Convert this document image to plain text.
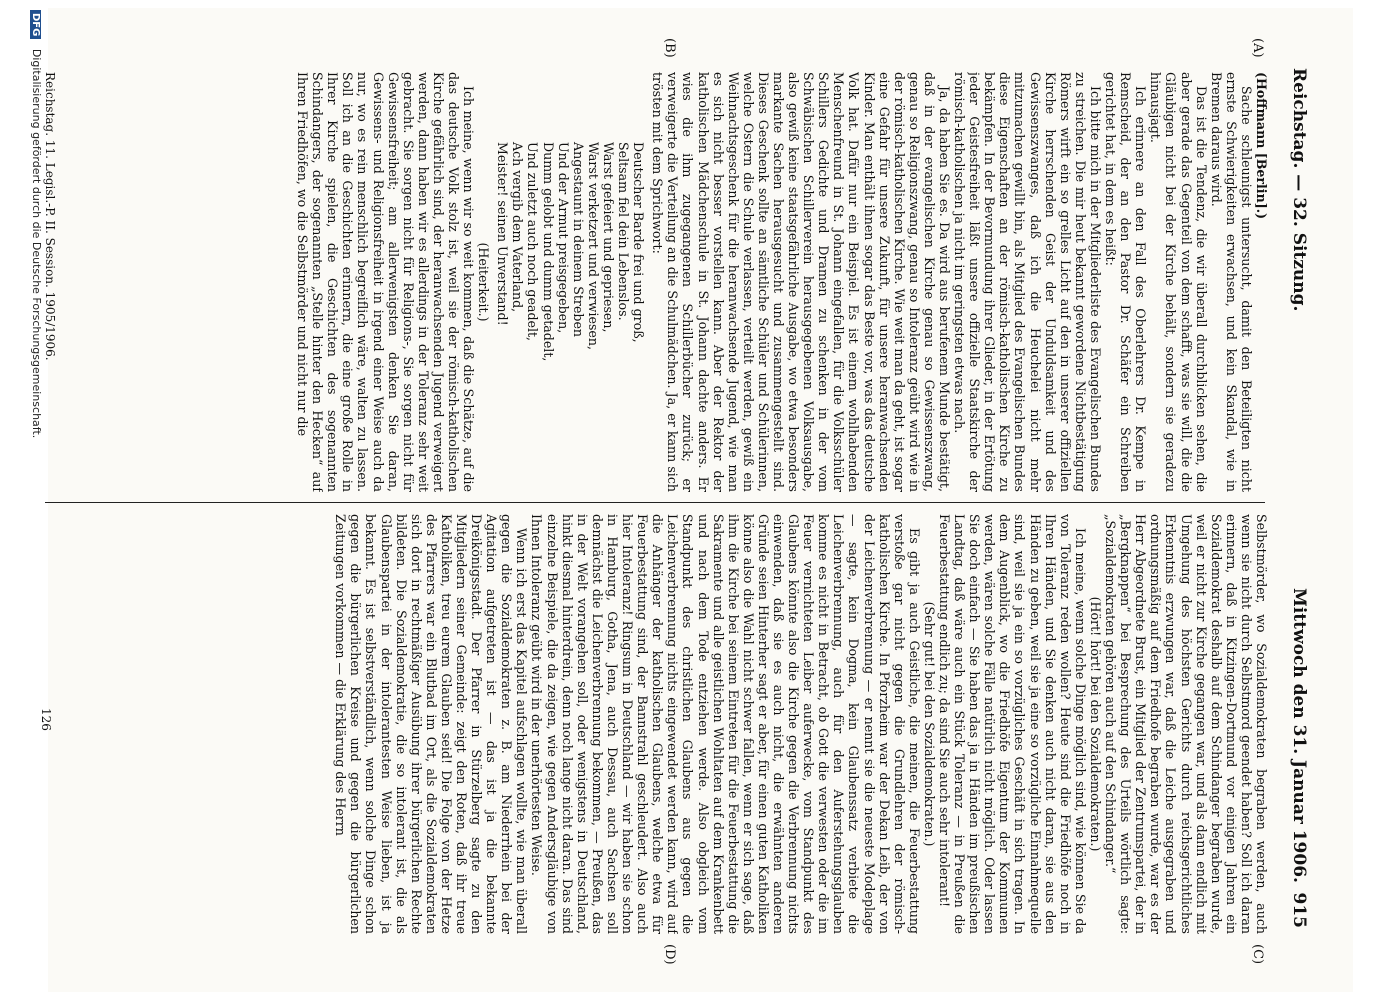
Reichstag. — 32. Sitzung.
Mittwoch den 31. Januar 1906.
915
(A)
(B)
(C)
(D)

(Hoffmann [Berlin].)

Sache schleunigst untersucht, damit den Beteiligten nicht ernste Schwierigkeiten erwachsen, und kein Skandal, wie in Bremen daraus wird.

Das ist die Tendenz, die wir überall durchblicken sehen, die aber gerade das Gegenteil von dem schafft, was sie will, die die Gläubigen nicht bei der Kirche behält, sondern sie geradezu hinausjagt.

Ich erinnere an den Fall des Oberlehrers Dr. Kempe in Remscheid, der an den Pastor Dr. Schäfer ein Schreiben gerichtet hat, in dem es heißt:

Ich bitte mich in der Mitgliederliste des Evangelischen Bundes zu streichen. Die mir heut bekannt gewordene Nichtbestätigung Römers wirft ein so grelles Licht auf den in unserer offiziellen Kirche herrschenden Geist der Unduldsamkeit und des Gewissenszwanges, daß ich die Heuchelei nicht mehr mitzumachen gewillt bin, als Mitglied des Evangelischen Bundes diese Eigenschaften an der römisch-katholischen Kirche zu bekämpfen. In der Bevormundung ihrer Glieder, in der Ertötung jeder Geistesfreiheit läßt unsere offizielle Staatskirche der römisch-katholischen ja nicht im geringsten etwas nach.

Ja, da haben Sie es. Da wird aus berufenem Munde bestätigt, daß in der evangelischen Kirche genau so Gewissenszwang, genau so Religionszwang, genau so Intoleranz geübt wird wie in der römisch-katholischen Kirche. Wie weit man da geht, ist sogar eine Gefahr für unsere Zukunft, für unsere heranwachsenden Kinder. Man enthält ihnen sogar das Beste vor, was das deutsche Volk hat. Dafür nur ein Beispiel. Es ist einem wohlhabenden Menschenfreund in St. Johann eingefallen, für die Volksschüler Schillers Gedichte und Dramen zu schenken in der vom Schwäbischen Schillerverein herausgegebenen Volksausgabe, also gewiß keine staatsgefährliche Ausgabe, wo etwa besonders markante Sachen herausgesucht und zusammengestellt sind. Dieses Geschenk sollte an sämtliche Schüler und Schülerinnen, welche Ostern die Schule verlassen, verteilt werden, gewiß ein Weihnachtsgeschenk für die heranwachsende Jugend, wie man es sich nicht besser vorstellen kann. Aber der Rektor der katholischen Mädchenschule in St. Johann dachte anders. Er wies die ihm zugegangenen Schillerbücher zurück; er verweigerte die Verteilung an die Schulmädchen. Ja, er kann sich trösten mit dem Sprichwort:

Deutscher Barde frei und groß,

Seltsam fiel dein Lebenslos.

Warst gefeiert und gepriesen,

Warst verketzert und verwiesen,

Angestaunt in deinem Streben

Und der Armut preisgegeben,

Dumm gelobt und dumm getadelt,

Und zuletzt auch noch geadelt,

Ach vergib dem Vaterland,

Meister! seinen Unverstand!

(Heiterkeit.)

Ich meine, wenn wir so weit kommen, daß die Schätze, auf die das deutsche Volk stolz ist, weil sie der römisch-katholischen Kirche gefährlich sind, der heranwachsenden Jugend verweigert werden, dann haben wir es allerdings in der Toleranz sehr weit gebracht. Sie sorgen nicht für Religions-, Sie sorgen nicht für Gewissensfreiheit; am allerwenigsten denken Sie daran, Gewissens- und Religionsfreiheit in irgend einer Weise auch da nur, wo es rein menschlich begreiflich wäre, walten zu lassen. Soll ich an die Geschichten erinnern, die eine große Rolle in Ihrer Kirche spielen, die Geschichten des sogenannten Schindangers, der sogenannten „Stelle hinter den Hecken“ auf Ihren Friedhöfen, wo die Selbstmörder und nicht nur die

Selbstmörder, wo Sozialdemokraten begraben werden, auch wenn sie nicht durch Selbstmord geendet haben? Soll ich daran erinnern, daß in Kitzingen-Dortmund vor einigen Jahren ein Sozialdemokrat deshalb auf dem Schindanger begraben wurde, weil er nicht zur Kirche gegangen war, und als dann endlich mit Umgehung des höchsten Gerichts durch reichsgerichtliches Erkenntnis erzwungen war, daß die Leiche ausgegraben und ordnungsmäßig auf dem Friedhofe begraben wurde, war es der Herr Abgeordnete Brust, ein Mitglied der Zentrumspartei, der in „Bergknappen“ bei Besprechung des Urteils wörtlich sagte: „Sozialdemokraten gehören auch auf den Schindanger.“

(Hört! hört! bei den Sozialdemokraten.)

Ich meine, wenn solche Dinge möglich sind, wie können Sie da von Toleranz reden wollen? Heute sind die Friedhöfe noch in Ihren Händen, und Sie denken auch nicht daran, sie aus den Händen zu geben, weil sie ja eine so vorzügliche Einnahmequelle sind, weil sie ja ein so vorzügliches Geschäft in sich tragen. In dem Augenblick, wo die Friedhöfe Eigentum der Kommunen werden, wären solche Fälle natürlich nicht möglich. Oder lassen Sie doch einfach — Sie haben das ja in Händen im preußischen Landtag, daß wäre auch ein Stück Toleranz — in Preußen die Feuerbestattung endlich zu; da sind Sie auch sehr intolerant!

(Sehr gut! bei den Sozialdemokraten.)

Es gibt ja auch Geistliche, die meinen, die Feuerbestattung verstoße gar nicht gegen die Grundlehren der römisch-katholischen Kirche. In Pforzheim war der Dekan Leib, der von der Leichenverbrennung — er nennt sie die neueste Modeplage — sagte, kein Dogma, kein Glaubenssatz verbiete die Leichenverbrennung, auch für den Auferstehungsglauben komme es nicht in Betracht, ob Gott die verwesten oder die im Feuer vernichteten Leiber auferwecke, vom Standpunkt des Glaubens könnte also die Kirche gegen die Verbrennung nichts einwenden, daß sie es auch nicht, die erwähnten anderen Gründe seien Hinterher sagt er aber, für einen guten Katholiken könne also die Wahl nicht schwer fallen, wenn er sich sage, daß ihm die Kirche bei seinem Eintreten für die Feuerbestattung die Sakramente und alle geistlichen Wohltaten auf dem Krankenbett und nach dem Tode entziehen werde. Also obgleich vom Standpunkt des christlichen Glaubens aus gegen die Leichenverbrennung nichts eingewendet werden kann, wird auf die Anhänger der katholischen Glaubens, welche etwa für Feuerbestattung sind, der Bannstrahl geschleudert. Also auch hier Intoleranz! Ringsum in Deutschland — wir haben sie schon in Hamburg, Gotha, Jena, auch Dessau, auch Sachsen soll demnächst die Leichenverbrennung bekommen, — Preußen, das in der Welt vorangehen soll, oder wenigstens in Deutschland, hinkt diesmal hinterdrein, denn noch lange nicht daran. Das sind einzelne Beispiele, die da zeigen, wie gegen Andersgläubige von Ihnen Intoleranz geübt wird in der unerhörtesten Weise.

Wenn ich erst das Kapitel aufschlagen wollte, wie man überall gegen die Sozialdemokraten z. B. am Niederrhein bei der Agitation aufgetreten ist — das ist ja die bekannte Dreikönigsstadt. Der Pfarrer in Stürzelberg sagte zu den Mitgliedern seiner Gemeinde: zeigt den Roten, daß ihr treue Katholiken, treu eurem Glauben seid! Die Folge von der Hetze des Pfarrers war ein Blutbad im Ort, als die Sozialdemokraten sich dort in rechtmäßiger Ausübung ihrer bürgerlichen Rechte bildeten. Die Sozialdemokratie, die so intolerant ist, die als Glaubenspartei in der intolerantesten Weise lieben, ist ja bekannt. Es ist selbstverständlich, wenn solche Dinge schon gegen die bürgerlichen Kreise und gegen die bürgerlichen Zeitungen vorkommen — die Erklärung des Herrn

Reichstag. 11. Legisl.-P. II. Session. 1905/1906.
126
DFG Digitalisierung gefördert durch die Deutsche Forschungsgemeinschaft.
